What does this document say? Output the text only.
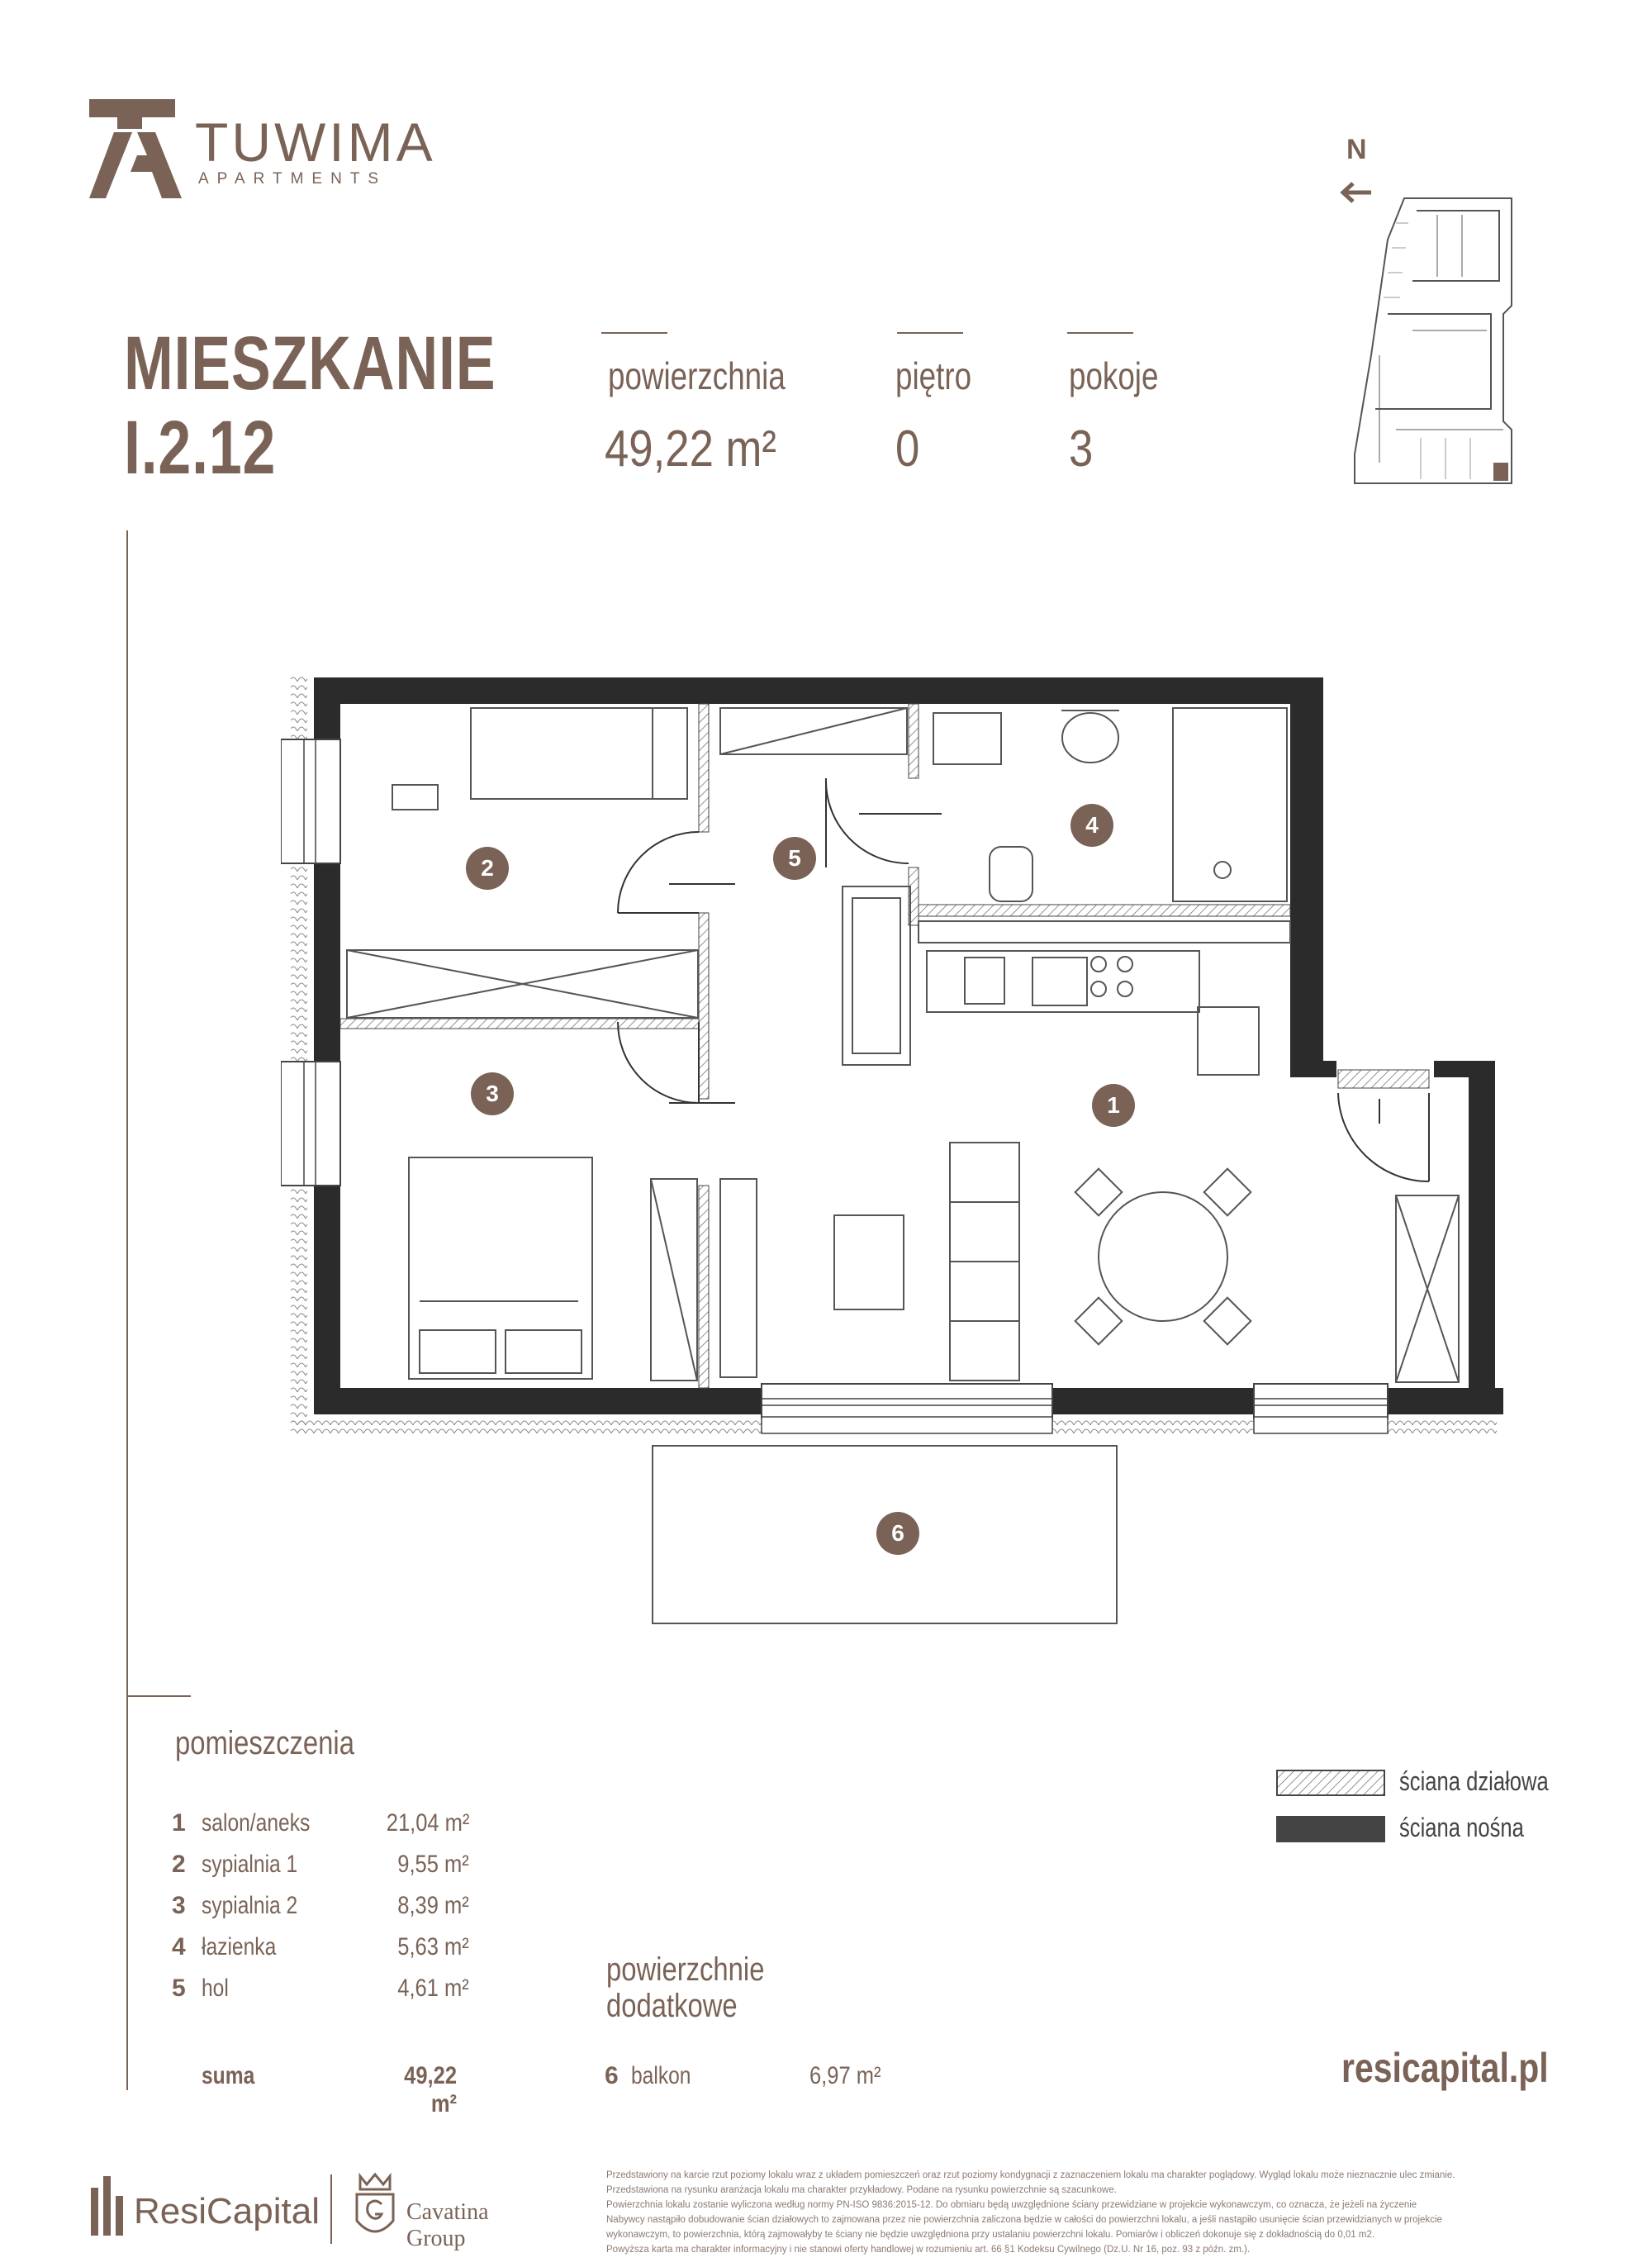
TUWIMA
APARTMENTS
MIESZKANIE
I.2.12
powierzchnia
49,22 m²
piętro
0
pokoje
3
N
1
2
3
4
5
6
pomieszczenia
1 salon/aneks	21,04 m²
2 sypialnia 1	9,55 m²
3 sypialnia 2	8,39 m²
4 łazienka	5,63 m²
5 hol	4,61 m²
suma	49,22 m²
powierzchnie
dodatkowe
6 balkon	6,97 m²
ściana działowa
ściana nośna
resicapital.pl
ResiCapital	Cavatina
Group
Przedstawiony na karcie rzut poziomy lokalu wraz z układem pomieszczeń oraz rzut poziomy kondygnacji z zaznaczeniem lokalu ma charakter poglądowy. Wygląd lokalu może nieznacznie ulec zmianie.
Przedstawiona na rysunku aranżacja lokalu ma charakter przykładowy. Podane na rysunku powierzchnie są szacunkowe.
Powierzchnia lokalu zostanie wyliczona według normy PN-ISO 9836:2015-12. Do obmiaru będą uwzględnione ściany przewidziane w projekcie wykonawczym, co oznacza, że jeżeli na życzenie
Nabywcy nastąpiło dobudowanie ścian działowych to zajmowana przez nie powierzchnia zaliczona będzie w całości do powierzchni lokalu, a jeśli nastąpiło usunięcie ścian przewidzianych w projekcie
wykonawczym, to powierzchnia, którą zajmowałyby te ściany nie będzie uwzględniona przy ustalaniu powierzchni lokalu. Pomiarów i obliczeń dokonuje się z dokładnością do 0,01 m2.
Powyższa karta ma charakter informacyjny i nie stanowi oferty handlowej w rozumieniu art. 66 §1 Kodeksu Cywilnego (Dz.U. Nr 16, poz. 93 z późn. zm.).
